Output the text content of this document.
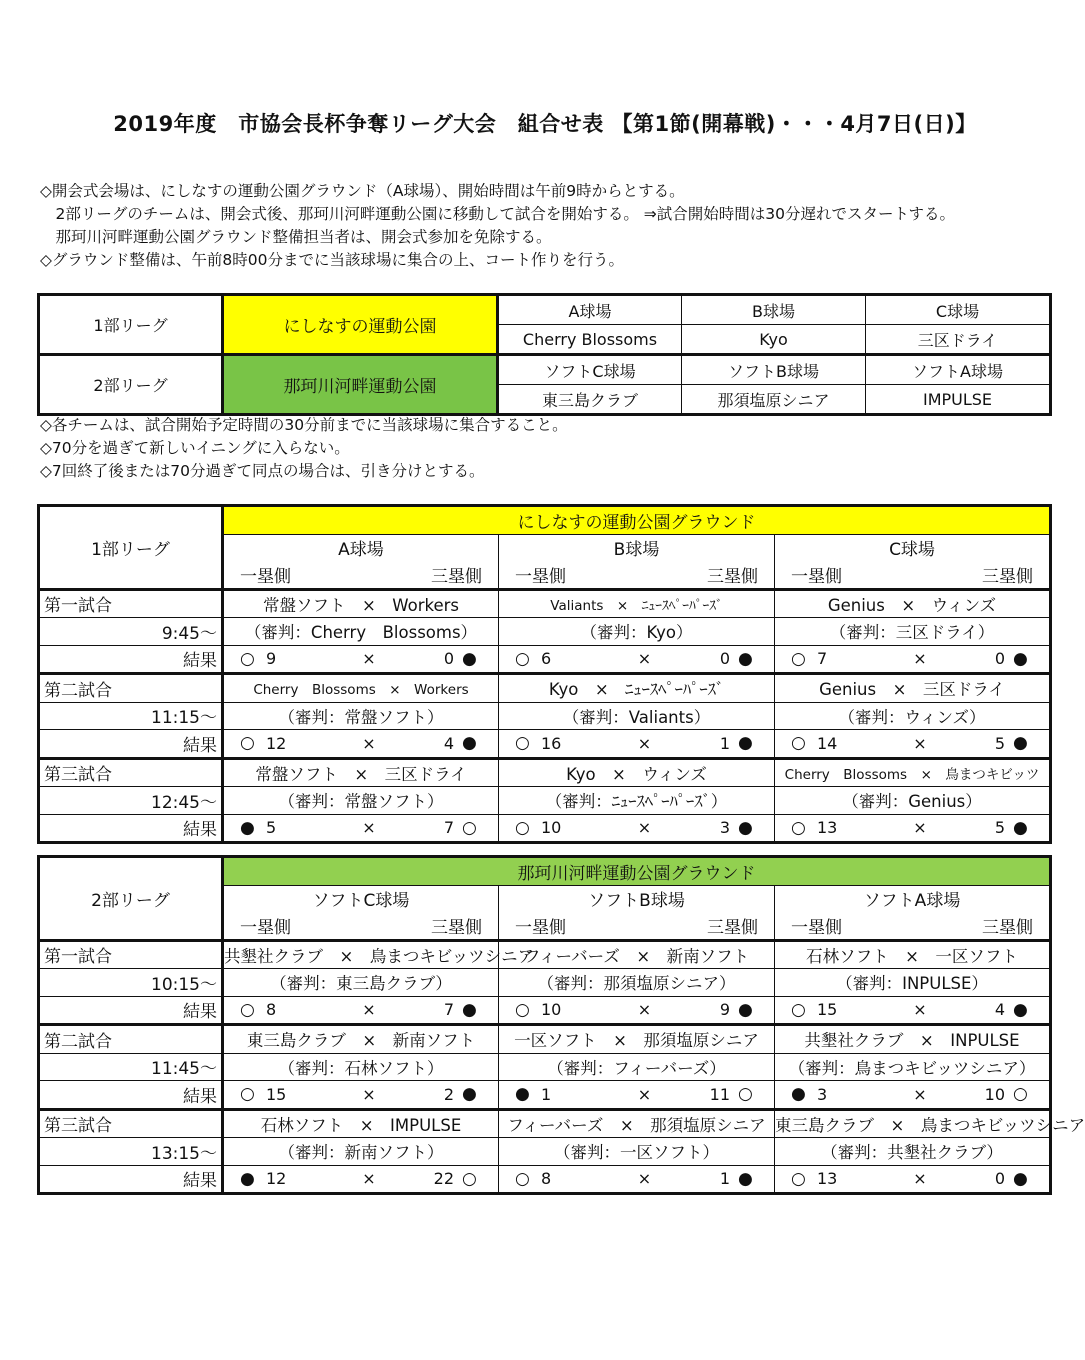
2019年度　市協会長杯争奪リーグ大会　組合せ表 【第1節(開幕戦)・・・4月7日(日)】
◇開会式会場は、にしなすの運動公園グラウンド（A球場）、開始時間は午前9時からとする。
　2部リーグのチームは、開会式後、那珂川河畔運動公園に移動して試合を開始する。 ⇒試合開始時間は30分遅れでスタートする。
　那珂川河畔運動公園グラウンド整備担当者は、開会式参加を免除する。
◇グラウンド整備は、午前8時00分までに当該球場に集合の上、コート作りを行う。
1部リーグ	にしなすの運動公園	A球場	B球場	C球場
		Cherry Blossoms	Kyo	三区ドライ
2部リーグ	那珂川河畔運動公園	ソフトC球場	ソフトB球場	ソフトA球場
		東三島クラブ	那須塩原シニア	IMPULSE
◇各チームは、試合開始予定時間の30分前までに当該球場に集合すること。
◇70分を過ぎて新しいイニングに入らない。
◇7回終了後または70分過ぎて同点の場合は、引き分けとする。
1部リーグ	にしなすの運動公園グラウンド		
	A球場	B球場	C球場

	一塁側 三塁側	一塁側 三塁側	一塁側 三塁側

第一試合	常盤ソフト　×　Workers	Valiants　×　ﾆｭｰｽﾍﾟｰﾊﾟｰｽﾞ	Genius　×　ウィンズ
9:45～	（審判：Cherry　Blossoms）	（審判：Kyo）	（審判：三区ドライ）
結果	○ 9 × 0 ●	○ 6 × 0 ●	○ 7 × 0 ●

第二試合	Cherry　Blossoms　×　Workers	Kyo　×　ﾆｭｰｽﾍﾟｰﾊﾟｰｽﾞ	Genius　×　三区ドライ
11:15～	（審判：常盤ソフト）	（審判：Valiants）	（審判：ウィンズ）
結果	○ 12 × 4 ●	○ 16 × 1 ●	○ 14 × 5 ●

第三試合	常盤ソフト　×　三区ドライ	Kyo　×　ウィンズ	Cherry　Blossoms　×　鳥まつキビッツ
12:45～	（審判：常盤ソフト）	（審判：ﾆｭｰｽﾍﾟｰﾊﾟｰｽﾞ）	（審判：Genius）
結果	● 5 × 7 ○	○ 10 × 3 ●	○ 13 × 5 ●
2部リーグ	那珂川河畔運動公園グラウンド		
	ソフトC球場	ソフトB球場	ソフトA球場

	一塁側 三塁側	一塁側 三塁側	一塁側 三塁側

第一試合	共墾社クラブ　×　鳥まつキビッツシニア	フィーバーズ　×　新南ソフト	石林ソフト　×　一区ソフト
10:15～	（審判：東三島クラブ）	（審判：那須塩原シニア）	（審判：INPULSE）
結果	○ 8 × 7 ●	○ 10 × 9 ●	○ 15 × 4 ●

第二試合	東三島クラブ　×　新南ソフト	一区ソフト　×　那須塩原シニア	共墾社クラブ　×　INPULSE
11:45～	（審判：石林ソフト）	（審判：フィーバーズ）	（審判：鳥まつキビッツシニア）
結果	○ 15 × 2 ●	● 1 × 11 ○	● 3 × 10 ○

第三試合	石林ソフト　×　IMPULSE	フィーバーズ　×　那須塩原シニア	東三島クラブ　×　鳥まつキビッツシニア
13:15～	（審判：新南ソフト）	（審判：一区ソフト）	（審判：共墾社クラブ）
結果	● 12 × 22 ○	○ 8 × 1 ●	○ 13 × 0 ●
